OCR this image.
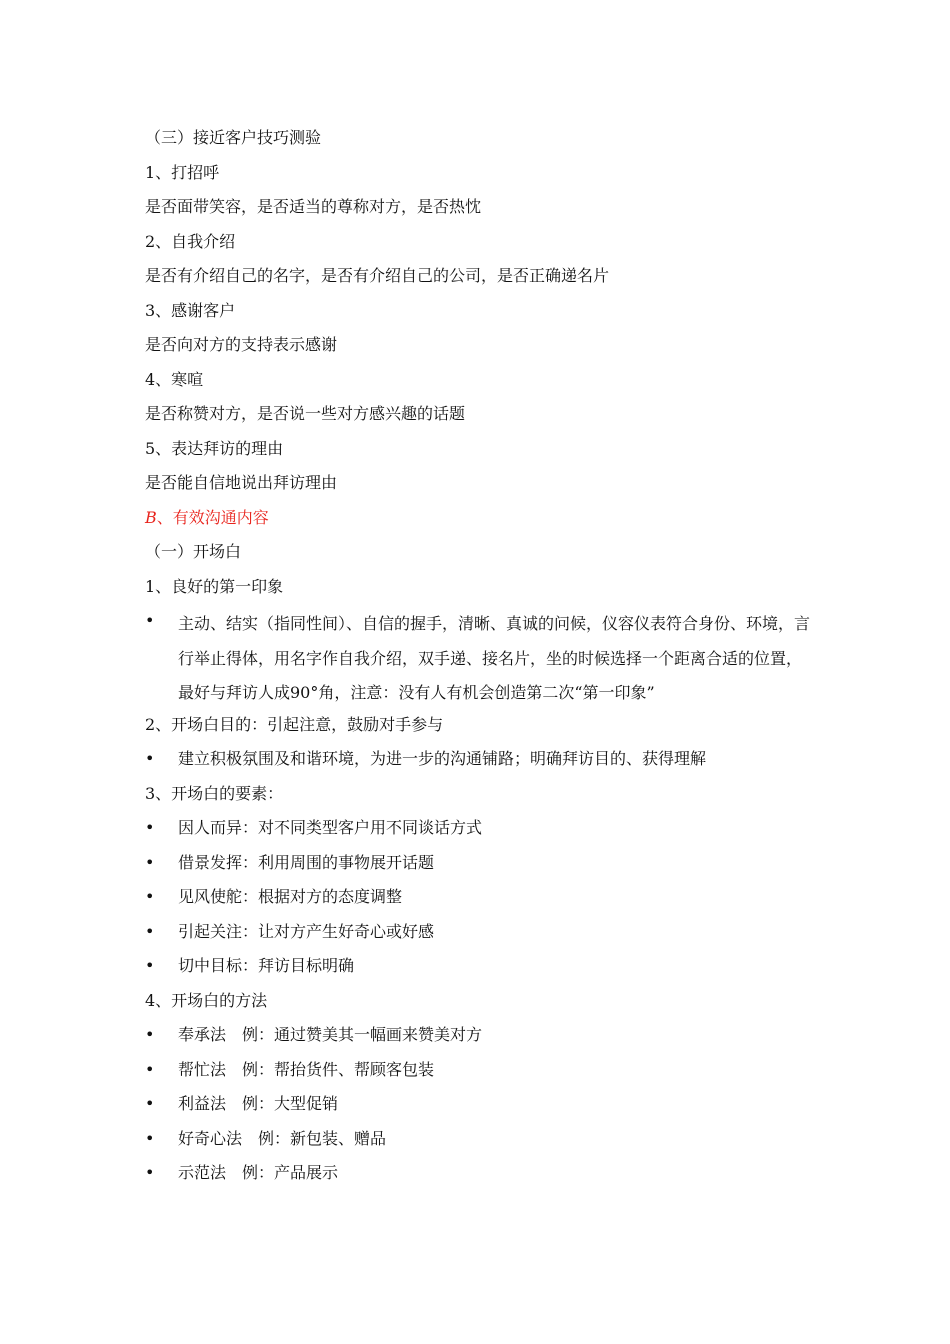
（三）接近客户技巧测验
1、打招呼
是否面带笑容，是否适当的尊称对方，是否热忱
2、自我介绍
是否有介绍自己的名字，是否有介绍自己的公司，是否正确递名片
3、感谢客户
是否向对方的支持表示感谢
4、寒喧
是否称赞对方，是否说一些对方感兴趣的话题
5、表达拜访的理由
是否能自信地说出拜访理由
B、有效沟通内容
（一）开场白
1、良好的第一印象
• 主动、结实（指同性间）、自信的握手，清晰、真诚的问候，仪容仪表符合身份、环境，言行举止得体，用名字作自我介绍，双手递、接名片，坐的时候选择一个距离合适的位置，最好与拜访人成90°角，注意：没有人有机会创造第二次“第一印象”
2、开场白目的：引起注意，鼓励对手参与
• 建立积极氛围及和谐环境，为进一步的沟通铺路；明确拜访目的、获得理解
3、开场白的要素：
• 因人而异：对不同类型客户用不同谈话方式
• 借景发挥：利用周围的事物展开话题
• 见风使舵：根据对方的态度调整
• 引起关注：让对方产生好奇心或好感
• 切中目标：拜访目标明确
4、开场白的方法
• 奉承法　例：通过赞美其一幅画来赞美对方
• 帮忙法　例：帮抬货件、帮顾客包装
• 利益法　例：大型促销
• 好奇心法　例：新包装、赠品
• 示范法　例：产品展示
